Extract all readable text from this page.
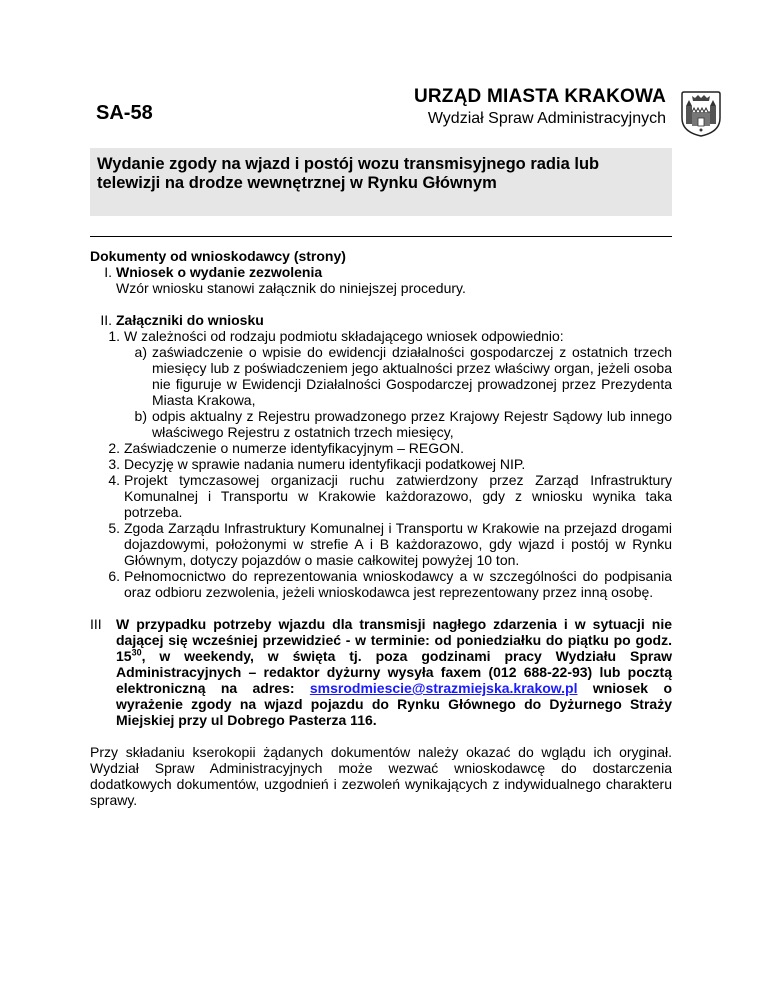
SA-58
URZĄD MIASTA KRAKOWA
Wydział Spraw Administracyjnych
Wydanie zgody na wjazd i postój wozu transmisyjnego radia lub telewizji na drodze wewnętrznej w Rynku Głównym
Dokumenty od wnioskodawcy (strony)
I. Wniosek o wydanie zezwolenia
Wzór wniosku stanowi załącznik do niniejszej procedury.
II. Załączniki do wniosku
1. W zależności od rodzaju podmiotu składającego wniosek odpowiednio:
a) zaświadczenie o wpisie do ewidencji działalności gospodarczej z ostatnich trzech miesięcy lub z poświadczeniem jego aktualności przez właściwy organ, jeżeli osoba nie figuruje w Ewidencji Działalności Gospodarczej prowadzonej przez Prezydenta Miasta Krakowa,
b) odpis aktualny z Rejestru prowadzonego przez Krajowy Rejestr Sądowy lub innego właściwego Rejestru z ostatnich trzech miesięcy,
2. Zaświadczenie o numerze identyfikacyjnym – REGON.
3. Decyzję w sprawie nadania numeru identyfikacji podatkowej NIP.
4. Projekt tymczasowej organizacji ruchu zatwierdzony przez Zarząd Infrastruktury Komunalnej i Transportu w Krakowie każdorazowo, gdy z wniosku wynika taka potrzeba.
5. Zgoda Zarządu Infrastruktury Komunalnej i Transportu w Krakowie na przejazd drogami dojazdowymi, położonymi w strefie A i B każdorazowo, gdy wjazd i postój w Rynku Głównym, dotyczy pojazdów o masie całkowitej powyżej 10 ton.
6. Pełnomocnictwo do reprezentowania wnioskodawcy a w szczególności do podpisania oraz odbioru zezwolenia, jeżeli wnioskodawca jest reprezentowany przez inną osobę.
III	W przypadku potrzeby wjazdu dla transmisji nagłego zdarzenia i w sytuacji nie dającej się wcześniej przewidzieć - w terminie: od poniedziałku do piątku po godz. $15^{30}$, w weekendy, w święta tj. poza godzinami pracy Wydziału Spraw Administracyjnych – redaktor dyżurny wysyła faxem (012 688-22-93) lub pocztą elektroniczną na adres: smsrodmiescie@strazmiejska.krakow.pl wniosek o wyrażenie zgody na wjazd pojazdu do Rynku Głównego do Dyżurnego Straży Miejskiej przy ul Dobrego Pasterza 116.
Przy składaniu kserokopii żądanych dokumentów należy okazać do wglądu ich oryginał. Wydział Spraw Administracyjnych może wezwać wnioskodawcę do dostarczenia dodatkowych dokumentów, uzgodnień i zezwoleń wynikających z indywidualnego charakteru sprawy.
